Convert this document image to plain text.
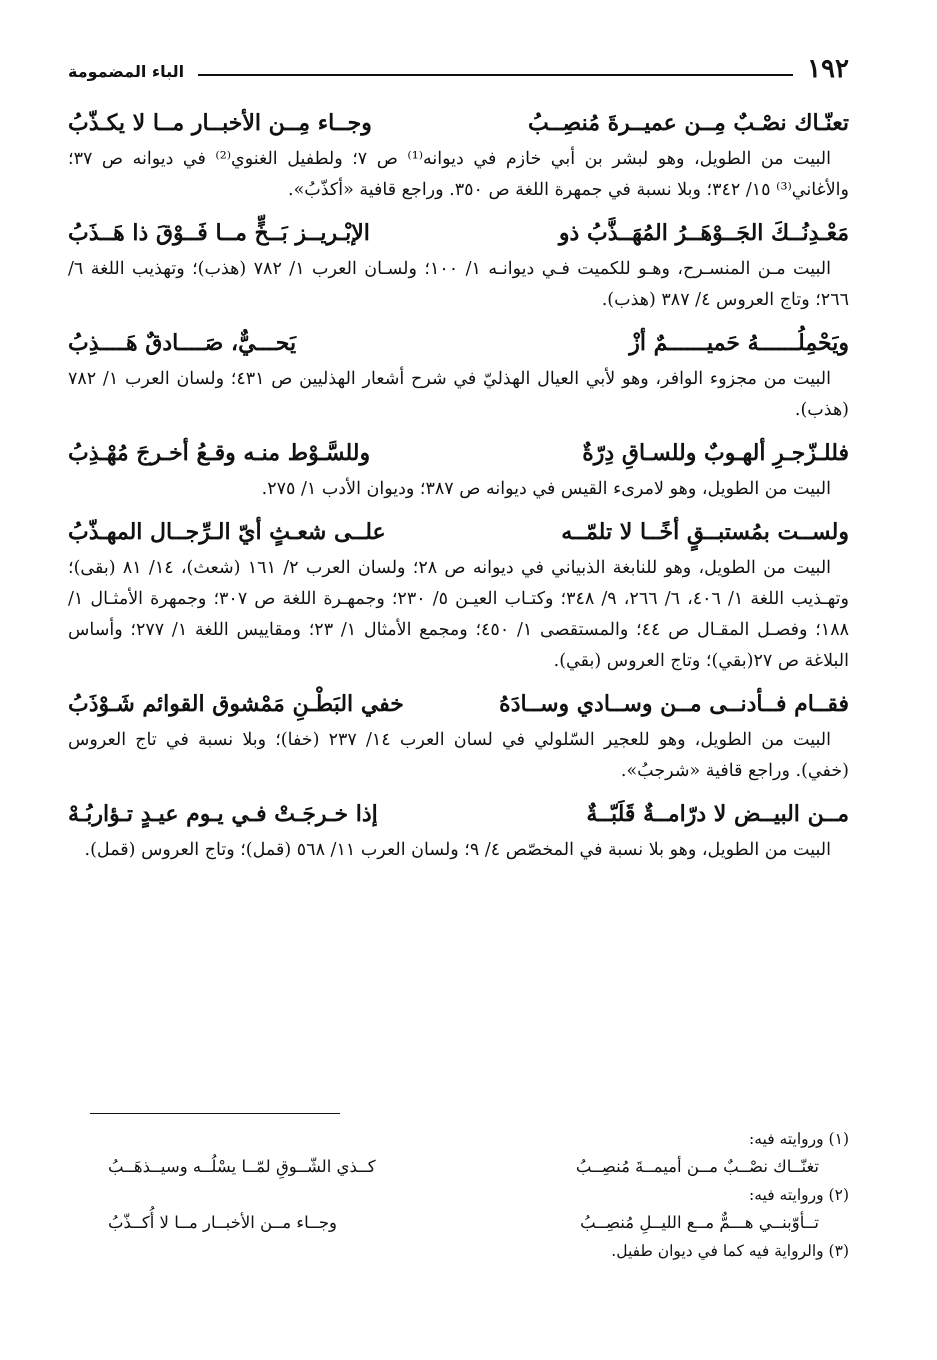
١٩٢
الباء المضمومة
تعنّـاك نصْـبٌ مِــن عميــرةَ مُنصِــبُ
وجــاء مِــن الأخبــار مــا لا يكـذّبُ

البيت من الطويل، وهو لبشر بن أبي خازم في ديوانه⁽¹⁾ ص ٧؛ ولطفيل الغنوي⁽²⁾ في ديوانه ص ٣٧؛ والأغاني⁽³⁾ ١٥/ ٣٤٢؛ وبلا نسبة في جمهرة اللغة ص ٣٥٠. وراجع قافية «أكذّبُ».

مَعْـدِنُــكَ الجَــوْهَــرُ المُهَــذَّبُ ذو
الإبْـريــز بَــخٍّ مــا فَــوْقَ ذا هَــذَبُ

البيت مـن المنسـرح، وهـو للكميت فـي ديوانـه ١/ ١٠٠؛ ولسـان العرب ١/ ٧٨٢ (هذب)؛ وتهذيب اللغة ٦/ ٢٦٦؛ وتاج العروس ٤/ ٣٨٧ (هذب).

ويَحْمِلُــــــهُ حَميــــــمٌ أزْ
يَحـــيٌّ، صَــــادقٌ هَــــذِبُ

البيت من مجزوء الوافر، وهو لأبي العيال الهذليّ في شرح أشعار الهذليين ص ٤٣١؛ ولسان العرب ١/ ٧٨٢ (هذب).

فللـزّجـرِ ألهـوبٌ وللسـاقِ دِرّةٌ
وللسَّـوْط منـه وقـعُ أخـرجَ مُهْـذِبُ

البيت من الطويل، وهو لامرىء القيس في ديوانه ص ٣٨٧؛ وديوان الأدب ١/ ٢٧٥.

ولســت بمُستبــقٍ أخًــا لا تلمّــه
علــى شعـثٍ أيّ الـرِّجــال المهـذّبُ

البيت من الطويل، وهو للنابغة الذبياني في ديوانه ص ٢٨؛ ولسان العرب ٢/ ١٦١ (شعث)، ١٤/ ٨١ (بقى)؛ وتهـذيب اللغة ١/ ٤٠٦، ٦/ ٢٦٦، ٩/ ٣٤٨؛ وكتـاب العيـن ٥/ ٢٣٠؛ وجمهـرة اللغة ص ٣٠٧؛ وجمهرة الأمثـال ١/ ١٨٨؛ وفصـل المقـال ص ٤٤؛ والمستقصى ١/ ٤٥٠؛ ومجمع الأمثال ١/ ٢٣؛ ومقاييس اللغة ١/ ٢٧٧؛ وأساس البلاغة ص ٢٧(بقي)؛ وتاج العروس (بقي).

فقــام فــأدنــى مــن وســادي وســادَهُ
خفي البَطْـنِ مَمْشوق القوائم شَـوْذَبُ

البيت من الطويل، وهو للعجير السّلولي في لسان العرب ١٤/ ٢٣٧ (خفا)؛ وبلا نسبة في تاج العروس (خفي). وراجع قافية «شرجبُ».

مــن البيــض لا درّامــةٌ قَلَبّــةٌ
إذا خـرجَـتْ فـي يـوم عيـدٍ تـؤاربُـهْ

البيت من الطويل، وهو بلا نسبة في المخصّص ٤/ ٩؛ ولسان العرب ١١/ ٥٦٨ (قمل)؛ وتاج العروس (قمل).

(١) وروايته فيه:
تغنّــاك نصْــبٌ مــن أميمــةَ مُنصِــبُ
كــذي الشّــوقِ لمّــا يسْلُــه وسيــذهَــبُ
(٢) وروايته فيه:
تــأوّبنــي هـــمٌّ مــع الليــلِ مُنصِــبُ
وجــاء مــن الأخبــار مــا لا أُكــذّبُ
(٣) والرواية فيه كما في ديوان طفيل.
